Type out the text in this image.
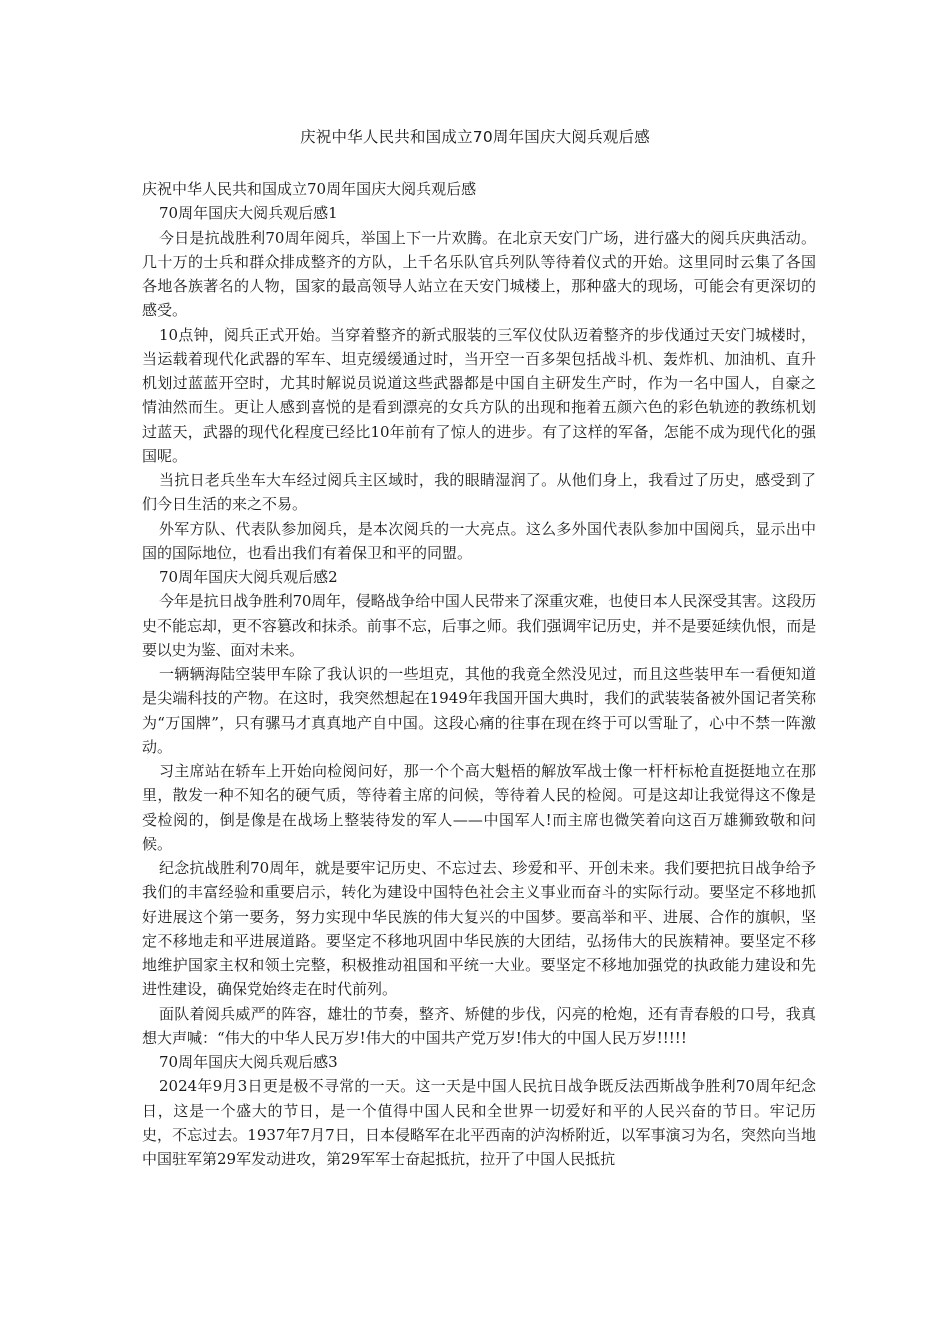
庆祝中华人民共和国成立70周年国庆大阅兵观后感

庆祝中华人民共和国成立70周年国庆大阅兵观后感

70周年国庆大阅兵观后感1

今日是抗战胜利70周年阅兵，举国上下一片欢腾。在北京天安门广场，进行盛大的阅兵庆典活动。几十万的士兵和群众排成整齐的方队，上千名乐队官兵列队等待着仪式的开始。这里同时云集了各国各地各族著名的人物，国家的最高领导人站立在天安门城楼上，那种盛大的现场，可能会有更深切的感受。

10点钟，阅兵正式开始。当穿着整齐的新式服装的三军仪仗队迈着整齐的步伐通过天安门城楼时，当运载着现代化武器的军车、坦克缓缓通过时，当开空一百多架包括战斗机、轰炸机、加油机、直升机划过蓝蓝开空时，尤其时解说员说道这些武器都是中国自主研发生产时，作为一名中国人，自豪之情油然而生。更让人感到喜悦的是看到漂亮的女兵方队的出现和拖着五颜六色的彩色轨迹的教练机划过蓝天，武器的现代化程度已经比10年前有了惊人的进步。有了这样的军备，怎能不成为现代化的强国呢。

当抗日老兵坐车大车经过阅兵主区域时，我的眼睛湿润了。从他们身上，我看过了历史，感受到了们今日生活的来之不易。

外军方队、代表队参加阅兵，是本次阅兵的一大亮点。这么多外国代表队参加中国阅兵，显示出中国的国际地位，也看出我们有着保卫和平的同盟。

70周年国庆大阅兵观后感2

今年是抗日战争胜利70周年，侵略战争给中国人民带来了深重灾难，也使日本人民深受其害。这段历史不能忘却，更不容篡改和抹杀。前事不忘，后事之师。我们强调牢记历史，并不是要延续仇恨，而是要以史为鉴、面对未来。

一辆辆海陆空装甲车除了我认识的一些坦克，其他的我竟全然没见过，而且这些装甲车一看便知道是尖端科技的产物。在这时，我突然想起在1949年我国开国大典时，我们的武装装备被外国记者笑称为“万国牌”，只有骡马才真真地产自中国。这段心痛的往事在现在终于可以雪耻了，心中不禁一阵激动。

习主席站在轿车上开始向检阅问好，那一个个高大魁梧的解放军战士像一杆杆标枪直挺挺地立在那里，散发一种不知名的硬气质，等待着主席的问候，等待着人民的检阅。可是这却让我觉得这不像是受检阅的，倒是像是在战场上整装待发的军人——中国军人!而主席也微笑着向这百万雄狮致敬和问候。

纪念抗战胜利70周年，就是要牢记历史、不忘过去、珍爱和平、开创未来。我们要把抗日战争给予我们的丰富经验和重要启示，转化为建设中国特色社会主义事业而奋斗的实际行动。要坚定不移地抓好进展这个第一要务，努力实现中华民族的伟大复兴的中国梦。要高举和平、进展、合作的旗帜，坚定不移地走和平进展道路。要坚定不移地巩固中华民族的大团结，弘扬伟大的民族精神。要坚定不移地维护国家主权和领土完整，积极推动祖国和平统一大业。要坚定不移地加强党的执政能力建设和先进性建设，确保党始终走在时代前列。

面队着阅兵威严的阵容，雄壮的节奏，整齐、矫健的步伐，闪亮的枪炮，还有青春般的口号，我真想大声喊：“伟大的中华人民万岁!伟大的中国共产党万岁!伟大的中国人民万岁!!!!!

70周年国庆大阅兵观后感3

2024年9月3日更是极不寻常的一天。这一天是中国人民抗日战争既反法西斯战争胜利70周年纪念日，这是一个盛大的节日，是一个值得中国人民和全世界一切爱好和平的人民兴奋的节日。牢记历史，不忘过去。1937年7月7日，日本侵略军在北平西南的泸沟桥附近，以军事演习为名，突然向当地中国驻军第29军发动进攻，第29军军士奋起抵抗，拉开了中国人民抵抗
